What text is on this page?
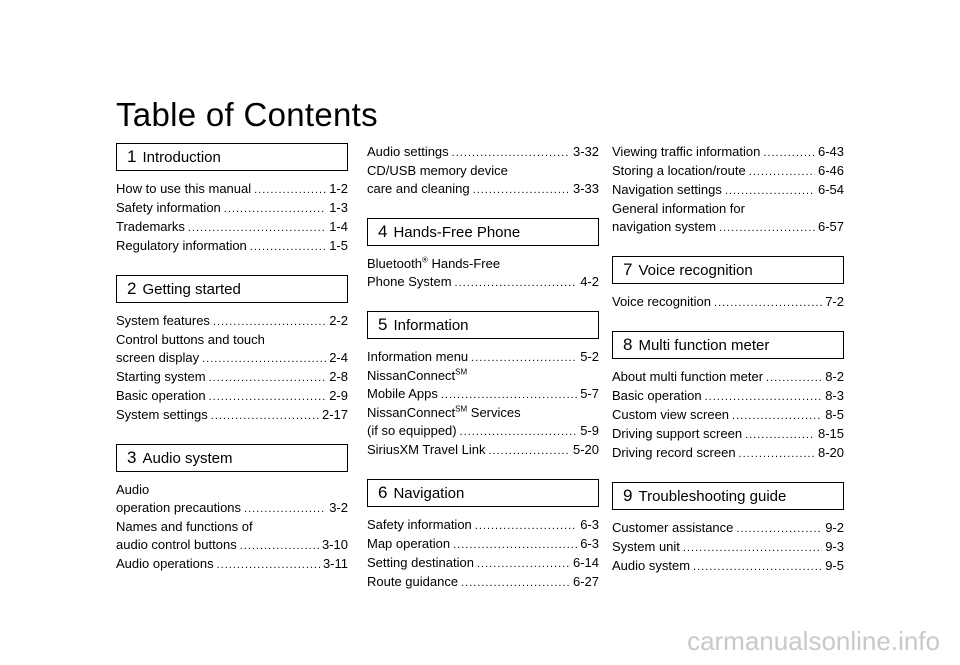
Table of Contents
1 Introduction
How to use this manual .....	1-2
Safety information .....	1-3
Trademarks .....	1-4
Regulatory information .....	1-5
2 Getting started
System features .....	2-2
Control buttons and touch
screen display .....	2-4
Starting system .....	2-8
Basic operation .....	2-9
System settings .....	2-17
3 Audio system
Audio
operation precautions .....	3-2
Names and functions of
audio control buttons .....	3-10
Audio operations .....	3-11
Audio settings .....	3-32
CD/USB memory device
care and cleaning .....	3-33
4 Hands-Free Phone
Bluetooth® Hands-Free
Phone System .....	4-2
5 Information
Information menu .....	5-2
NissanConnect℠
Mobile Apps .....	5-7
NissanConnect℠ Services
(if so equipped) .....	5-9
SiriusXM Travel Link .....	5-20
6 Navigation
Safety information .....	6-3
Map operation .....	6-3
Setting destination .....	6-14
Route guidance .....	6-27
Viewing traffic information .....	6-43
Storing a location/route .....	6-46
Navigation settings .....	6-54
General information for
navigation system .....	6-57
7 Voice recognition
Voice recognition .....	7-2
8 Multi function meter
About multi function meter .....	8-2
Basic operation .....	8-3
Custom view screen .....	8-5
Driving support screen .....	8-15
Driving record screen .....	8-20
9 Troubleshooting guide
Customer assistance .....	9-2
System unit .....	9-3
Audio system .....	9-5
carmanualsonline.info
